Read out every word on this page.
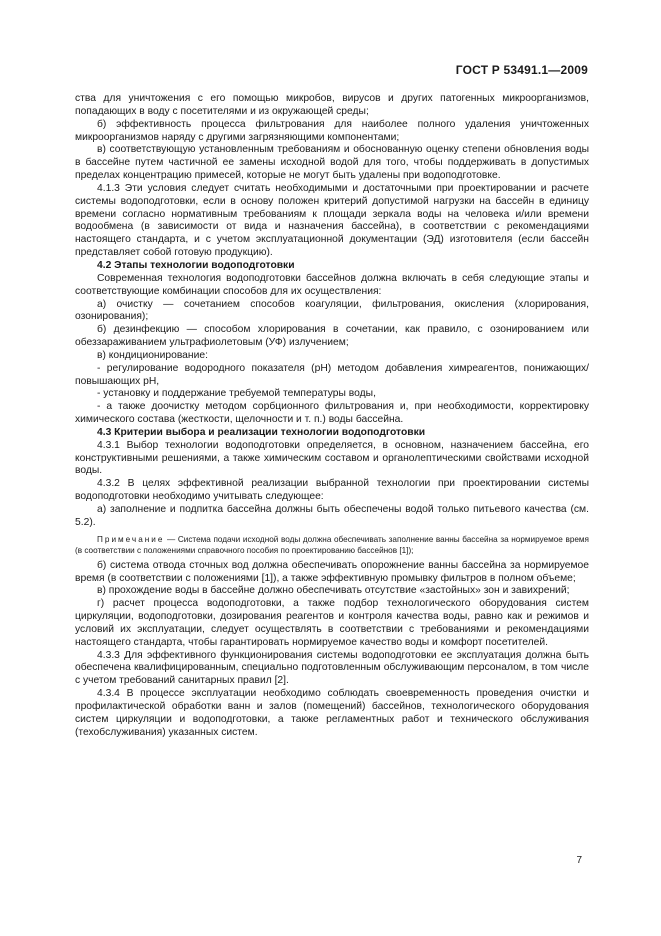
ГОСТ Р 53491.1—2009

ства для уничтожения с его помощью микробов, вирусов и других патогенных микроорганизмов, попадающих в воду с посетителями и из окружающей среды;

б) эффективность процесса фильтрования для наиболее полного удаления уничтоженных микроорганизмов наряду с другими загрязняющими компонентами;

в) соответствующую установленным требованиям и обоснованную оценку степени обновления воды в бассейне путем частичной ее замены исходной водой для того, чтобы поддерживать в допустимых пределах концентрацию примесей, которые не могут быть удалены при водоподготовке.

4.1.3 Эти условия следует считать необходимыми и достаточными при проектировании и расчете системы водоподготовки, если в основу положен критерий допустимой нагрузки на бассейн в единицу времени согласно нормативным требованиям к площади зеркала воды на человека и/или времени водообмена (в зависимости от вида и назначения бассейна), в соответствии с рекомендациями настоящего стандарта, и с учетом эксплуатационной документации (ЭД) изготовителя (если бассейн представляет собой готовую продукцию).

4.2 Этапы технологии водоподготовки

Современная технология водоподготовки бассейнов должна включать в себя следующие этапы и соответствующие комбинации способов для их осуществления:

а) очистку — сочетанием способов коагуляции, фильтрования, окисления (хлорирования, озонирования);

б) дезинфекцию — способом хлорирования в сочетании, как правило, с озонированием или обеззараживанием ультрафиолетовым (УФ) излучением;

в) кондиционирование:

- регулирование водородного показателя (рН) методом добавления химреагентов, понижающих/повышающих рН,

- установку и поддержание требуемой температуры воды,

- а также доочистку методом сорбционного фильтрования и, при необходимости, корректировку химического состава (жесткости, щелочности и т. п.) воды бассейна.

4.3 Критерии выбора и реализации технологии водоподготовки

4.3.1 Выбор технологии водоподготовки определяется, в основном, назначением бассейна, его конструктивными решениями, а также химическим составом и органолептическими свойствами исходной воды.

4.3.2 В целях эффективной реализации выбранной технологии при проектировании системы водоподготовки необходимо учитывать следующее:

а) заполнение и подпитка бассейна должны быть обеспечены водой только питьевого качества (см. 5.2).

Примечание — Система подачи исходной воды должна обеспечивать заполнение ванны бассейна за нормируемое время (в соответствии с положениями справочного пособия по проектированию бассейнов [1]);

б) система отвода сточных вод должна обеспечивать опорожнение ванны бассейна за нормируемое время (в соответствии с положениями [1]), а также эффективную промывку фильтров в полном объеме;

в) прохождение воды в бассейне должно обеспечивать отсутствие «застойных» зон и завихрений;

г) расчет процесса водоподготовки, а также подбор технологического оборудования систем циркуляции, водоподготовки, дозирования реагентов и контроля качества воды, равно как и режимов и условий их эксплуатации, следует осуществлять в соответствии с требованиями и рекомендациями настоящего стандарта, чтобы гарантировать нормируемое качество воды и комфорт посетителей.

4.3.3 Для эффективного функционирования системы водоподготовки ее эксплуатация должна быть обеспечена квалифицированным, специально подготовленным обслуживающим персоналом, в том числе с учетом требований санитарных правил [2].

4.3.4 В процессе эксплуатации необходимо соблюдать своевременность проведения очистки и профилактической обработки ванн и залов (помещений) бассейнов, технологического оборудования систем циркуляции и водоподготовки, а также регламентных работ и технического обслуживания (техобслуживания) указанных систем.

7
